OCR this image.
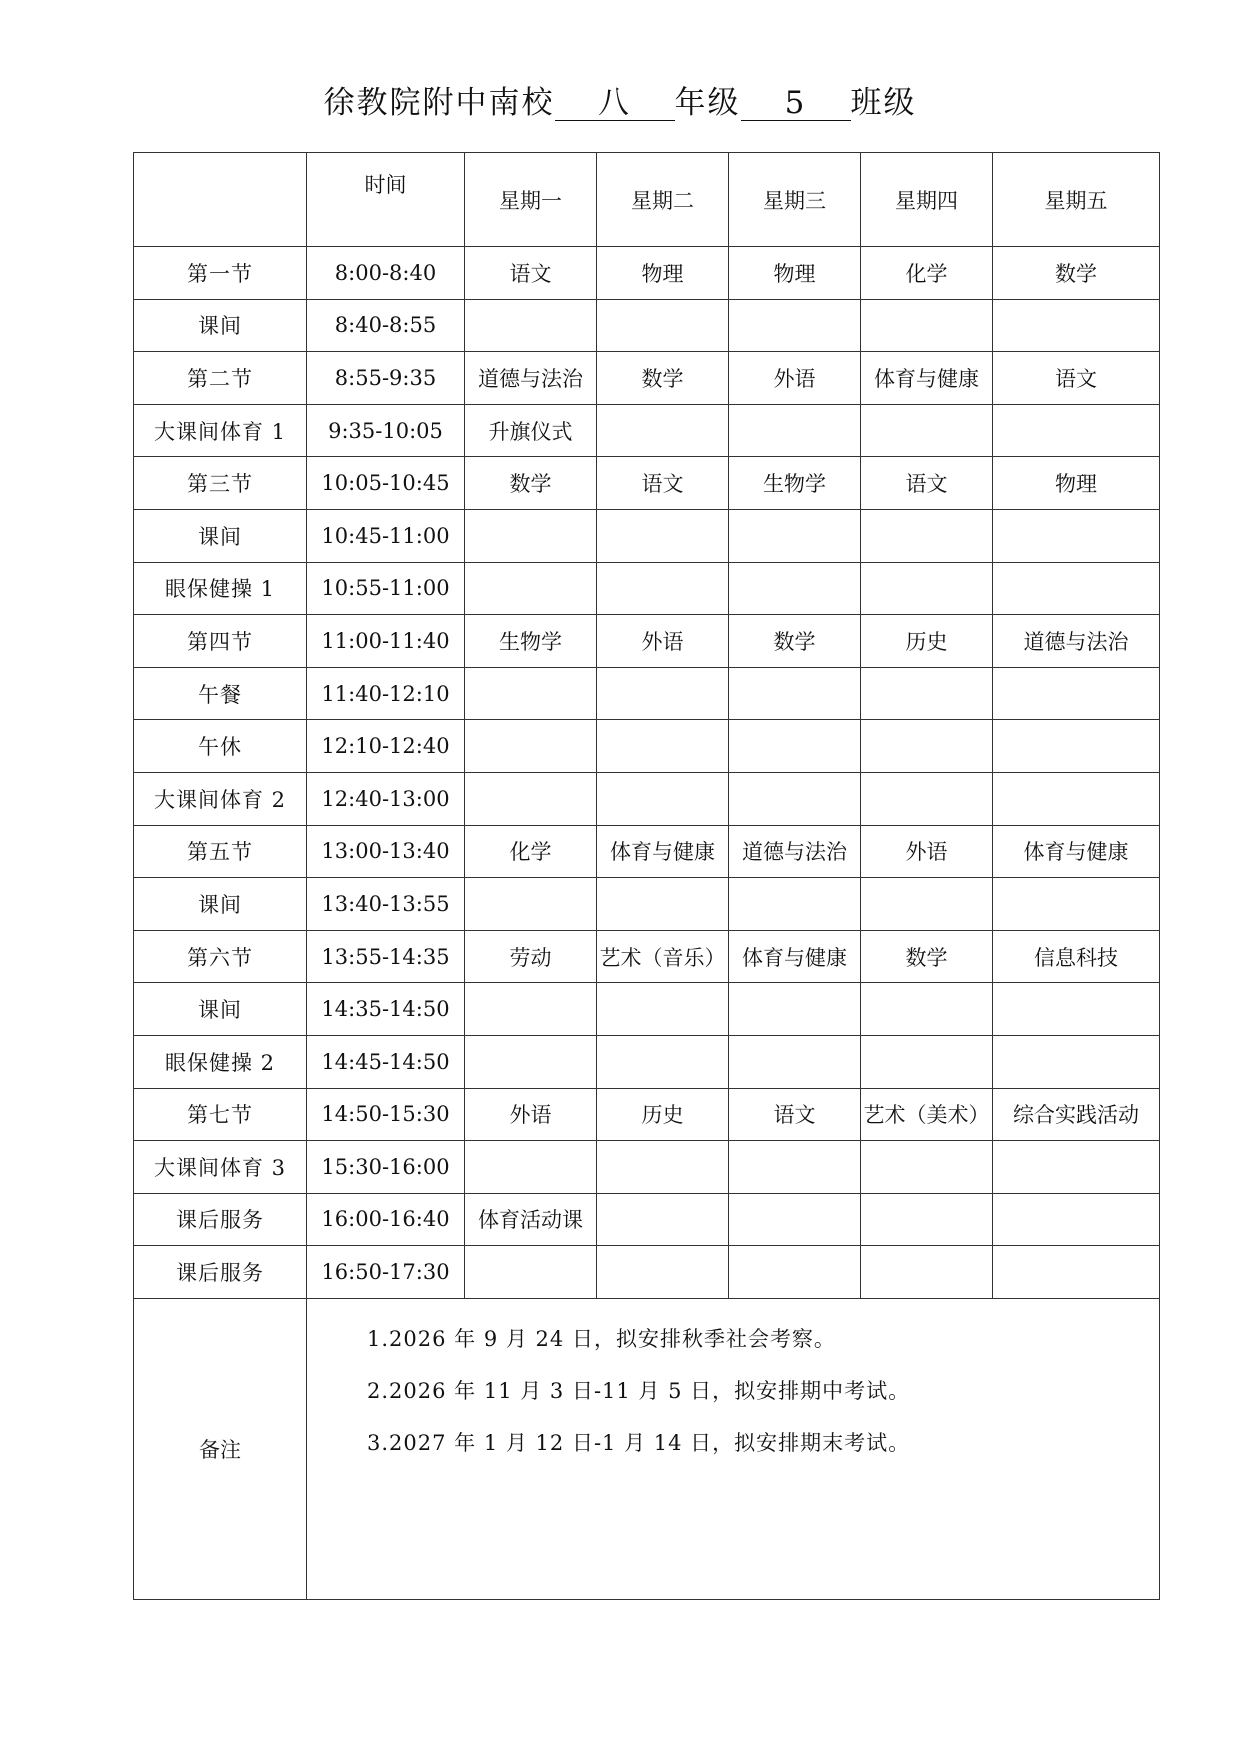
徐教院附中南校 八 年级 5 班级
	时间	星期一	星期二	星期三	星期四	星期五
第一节	8:00-8:40	语文	物理	物理	化学	数学
课间	8:40-8:55					
第二节	8:55-9:35	道德与法治	数学	外语	体育与健康	语文
大课间体育 1	9:35-10:05	升旗仪式				
第三节	10:05-10:45	数学	语文	生物学	语文	物理
课间	10:45-11:00					
眼保健操 1	10:55-11:00					
第四节	11:00-11:40	生物学	外语	数学	历史	道德与法治
午餐	11:40-12:10					
午休	12:10-12:40					
大课间体育 2	12:40-13:00					
第五节	13:00-13:40	化学	体育与健康	道德与法治	外语	体育与健康
课间	13:40-13:55					
第六节	13:55-14:35	劳动	艺术（音乐）	体育与健康	数学	信息科技
课间	14:35-14:50					
眼保健操 2	14:45-14:50					
第七节	14:50-15:30	外语	历史	语文	艺术（美术）	综合实践活动
大课间体育 3	15:30-16:00					
课后服务	16:00-16:40	体育活动课				
课后服务	16:50-17:30					
备注	1.2026 年 9 月 24 日，拟安排秋季社会考察。
2.2026 年 11 月 3 日-11 月 5 日，拟安排期中考试。
3.2027 年 1 月 12 日-1 月 14 日，拟安排期末考试。					
